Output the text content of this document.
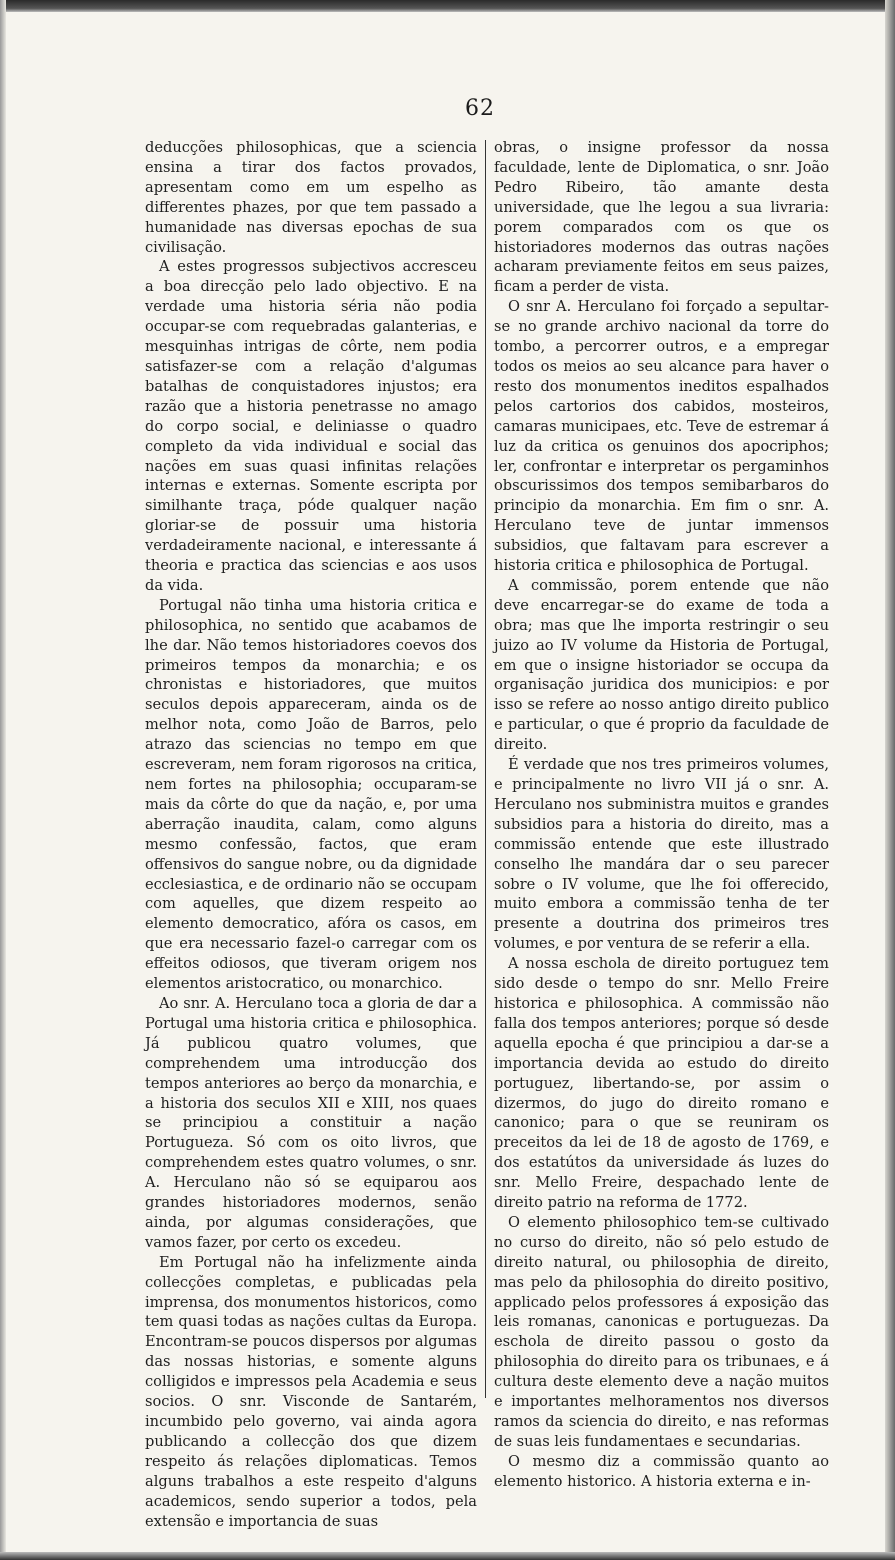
62

deducções philosophicas, que a sciencia ensina a tirar dos factos provados, apresentam como em um espelho as differentes phazes, por que tem passado a humanidade nas diversas epochas de sua civilisação.

A estes progressos subjectivos accresceu a boa direcção pelo lado objectivo. E na verdade uma historia séria não podia occupar-se com requebradas galanterias, e mesquinhas intrigas de côrte, nem podia satisfazer-se com a relação d'algumas batalhas de conquistadores injustos; era razão que a historia penetrasse no amago do corpo social, e deliniasse o quadro completo da vida individual e social das nações em suas quasi infinitas relações internas e externas. Somente escripta por similhante traça, póde qualquer nação gloriar-se de possuir uma historia verdadeiramente nacional, e interessante á theoria e practica das sciencias e aos usos da vida.

Portugal não tinha uma historia critica e philosophica, no sentido que acabamos de lhe dar. Não temos historiadores coevos dos primeiros tempos da monarchia; e os chronistas e historiadores, que muitos seculos depois appareceram, ainda os de melhor nota, como João de Barros, pelo atrazo das sciencias no tempo em que escreveram, nem foram rigorosos na critica, nem fortes na philosophia; occuparam-se mais da côrte do que da nação, e, por uma aberração inaudita, calam, como alguns mesmo confessão, factos, que eram offensivos do sangue nobre, ou da dignidade ecclesiastica, e de ordinario não se occupam com aquelles, que dizem respeito ao elemento democratico, afóra os casos, em que era necessario fazel-o carregar com os effeitos odiosos, que tiveram origem nos elementos aristocratico, ou monarchico.

Ao snr. A. Herculano toca a gloria de dar a Portugal uma historia critica e philosophica. Já publicou quatro volumes, que comprehendem uma introducção dos tempos anteriores ao berço da monarchia, e a historia dos seculos XII e XIII, nos quaes se principiou a constituir a nação Portugueza. Só com os oito livros, que comprehendem estes quatro volumes, o snr. A. Herculano não só se equiparou aos grandes historiadores modernos, senão ainda, por algumas considerações, que vamos fazer, por certo os excedeu.

Em Portugal não ha infelizmente ainda collecções completas, e publicadas pela imprensa, dos monumentos historicos, como tem quasi todas as nações cultas da Europa. Encontram-se poucos dispersos por algumas das nossas historias, e somente alguns colligidos e impressos pela Academia e seus socios. O snr. Visconde de Santarém, incumbido pelo governo, vai ainda agora publicando a collecção dos que dizem respeito ás relações diplomaticas. Temos alguns trabalhos a este respeito d'alguns academicos, sendo superior a todos, pela extensão e importancia de suas

obras, o insigne professor da nossa faculdade, lente de Diplomatica, o snr. João Pedro Ribeiro, tão amante desta universidade, que lhe legou a sua livraria: porem comparados com os que os historiadores modernos das outras nações acharam previamente feitos em seus paizes, ficam a perder de vista.

O snr A. Herculano foi forçado a sepultar-se no grande archivo nacional da torre do tombo, a percorrer outros, e a empregar todos os meios ao seu alcance para haver o resto dos monumentos ineditos espalhados pelos cartorios dos cabidos, mosteiros, camaras municipaes, etc. Teve de estremar á luz da critica os genuinos dos apocriphos; ler, confrontar e interpretar os pergaminhos obscurissimos dos tempos semibarbaros do principio da monarchia. Em fim o snr. A. Herculano teve de juntar immensos subsidios, que faltavam para escrever a historia critica e philosophica de Portugal.

A commissão, porem entende que não deve encarregar-se do exame de toda a obra; mas que lhe importa restringir o seu juizo ao IV volume da Historia de Portugal, em que o insigne historiador se occupa da organisação juridica dos municipios: e por isso se refere ao nosso antigo direito publico e particular, o que é proprio da faculdade de direito.

É verdade que nos tres primeiros volumes, e principalmente no livro VII já o snr. A. Herculano nos subministra muitos e grandes subsidios para a historia do direito, mas a commissão entende que este illustrado conselho lhe mandára dar o seu parecer sobre o IV volume, que lhe foi offerecido, muito embora a commissão tenha de ter presente a doutrina dos primeiros tres volumes, e por ventura de se referir a ella.

A nossa eschola de direito portuguez tem sido desde o tempo do snr. Mello Freire historica e philosophica. A commissão não falla dos tempos anteriores; porque só desde aquella epocha é que principiou a dar-se a importancia devida ao estudo do direito portuguez, libertando-se, por assim o dizermos, do jugo do direito romano e canonico; para o que se reuniram os preceitos da lei de 18 de agosto de 1769, e dos estatútos da universidade ás luzes do snr. Mello Freire, despachado lente de direito patrio na reforma de 1772.

O elemento philosophico tem-se cultivado no curso do direito, não só pelo estudo de direito natural, ou philosophia de direito, mas pelo da philosophia do direito positivo, applicado pelos professores á exposição das leis romanas, canonicas e portuguezas. Da eschola de direito passou o gosto da philosophia do direito para os tribunaes, e á cultura deste elemento deve a nação muitos e importantes melhoramentos nos diversos ramos da sciencia do direito, e nas reformas de suas leis fundamentaes e secundarias.

O mesmo diz a commissão quanto ao elemento historico. A historia externa e in-
